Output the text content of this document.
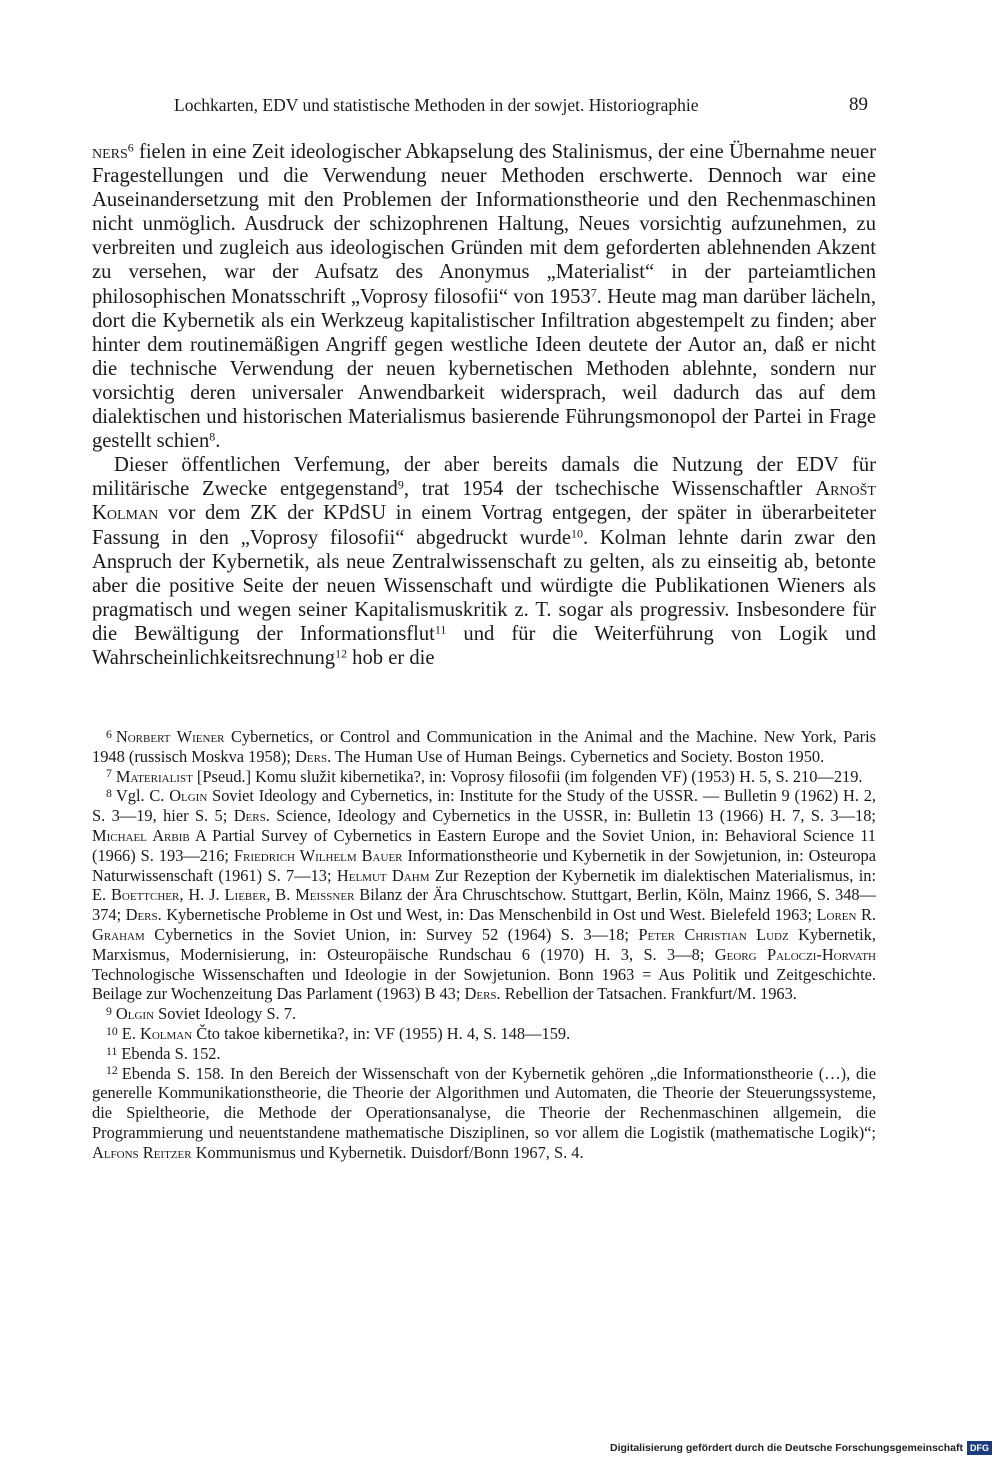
Lochkarten, EDV und statistische Methoden in der sowjet. Historiographie	89

ners$^6$ fielen in eine Zeit ideologischer Abkapselung des Stalinismus, der eine Übernahme neuer Fragestellungen und die Verwendung neuer Methoden erschwerte. Dennoch war eine Auseinandersetzung mit den Problemen der Informationstheorie und den Rechenmaschinen nicht unmöglich. Ausdruck der schizophrenen Haltung, Neues vorsichtig aufzunehmen, zu verbreiten und zugleich aus ideologischen Gründen mit dem geforderten ablehnenden Akzent zu versehen, war der Aufsatz des Anonymus „Materialist“ in der parteiamtlichen philosophischen Monatsschrift „Voprosy filosofii“ von 1953$^7$. Heute mag man darüber lächeln, dort die Kybernetik als ein Werkzeug kapitalistischer Infiltration abgestempelt zu finden; aber hinter dem routinemäßigen Angriff gegen westliche Ideen deutete der Autor an, daß er nicht die technische Verwendung der neuen kybernetischen Methoden ablehnte, sondern nur vorsichtig deren universaler Anwendbarkeit widersprach, weil dadurch das auf dem dialektischen und historischen Materialismus basierende Führungsmonopol der Partei in Frage gestellt schien$^8$.

Dieser öffentlichen Verfemung, der aber bereits damals die Nutzung der EDV für militärische Zwecke entgegenstand$^9$, trat 1954 der tschechische Wissenschaftler Arnošt Kolman vor dem ZK der KPdSU in einem Vortrag entgegen, der später in überarbeiteter Fassung in den „Voprosy filosofii“ abgedruckt wurde$^{10}$. Kolman lehnte darin zwar den Anspruch der Kybernetik, als neue Zentralwissenschaft zu gelten, als zu einseitig ab, betonte aber die positive Seite der neuen Wissenschaft und würdigte die Publikationen Wieners als pragmatisch und wegen seiner Kapitalismuskritik z. T. sogar als progressiv. Insbesondere für die Bewältigung der Informationsflut$^{11}$ und für die Weiterführung von Logik und Wahrscheinlichkeitsrechnung$^{12}$ hob er die

$^6$ Norbert Wiener Cybernetics, or Control and Communication in the Animal and the Machine. New York, Paris 1948 (russisch Moskva 1958); Ders. The Human Use of Human Beings. Cybernetics and Society. Boston 1950.

$^7$ Materialist [Pseud.] Komu služit kibernetika?, in: Voprosy filosofii (im folgenden VF) (1953) H. 5, S. 210—219.

$^8$ Vgl. C. Olgin Soviet Ideology and Cybernetics, in: Institute for the Study of the USSR. — Bulletin 9 (1962) H. 2, S. 3—19, hier S. 5; Ders. Science, Ideology and Cybernetics in the USSR, in: Bulletin 13 (1966) H. 7, S. 3—18; Michael Arbib A Partial Survey of Cybernetics in Eastern Europe and the Soviet Union, in: Behavioral Science 11 (1966) S. 193—216; Friedrich Wilhelm Bauer Informationstheorie und Kybernetik in der Sowjetunion, in: Osteuropa Naturwissenschaft (1961) S. 7—13; Helmut Dahm Zur Rezeption der Kybernetik im dialektischen Materialismus, in: E. Boettcher, H. J. Lieber, B. Meissner Bilanz der Ära Chruschtschow. Stuttgart, Berlin, Köln, Mainz 1966, S. 348—374; Ders. Kybernetische Probleme in Ost und West, in: Das Menschenbild in Ost und West. Bielefeld 1963; Loren R. Graham Cybernetics in the Soviet Union, in: Survey 52 (1964) S. 3—18; Peter Christian Ludz Kybernetik, Marxismus, Modernisierung, in: Osteuropäische Rundschau 6 (1970) H. 3, S. 3—8; Georg Paloczi-Horvath Technologische Wissenschaften und Ideologie in der Sowjetunion. Bonn 1963 = Aus Politik und Zeitgeschichte. Beilage zur Wochenzeitung Das Parlament (1963) B 43; Ders. Rebellion der Tatsachen. Frankfurt/M. 1963.

$^9$ Olgin Soviet Ideology S. 7.

$^{10}$ E. Kolman Čto takoe kibernetika?, in: VF (1955) H. 4, S. 148—159.

$^{11}$ Ebenda S. 152.

$^{12}$ Ebenda S. 158. In den Bereich der Wissenschaft von der Kybernetik gehören „die Informationstheorie (…), die generelle Kommunikationstheorie, die Theorie der Algorithmen und Automaten, die Theorie der Steuerungssysteme, die Spieltheorie, die Methode der Operationsanalyse, die Theorie der Rechenmaschinen allgemein, die Programmierung und neuentstandene mathematische Disziplinen, so vor allem die Logistik (mathematische Logik)“; Alfons Reitzer Kommunismus und Kybernetik. Duisdorf/Bonn 1967, S. 4.

Digitalisierung gefördert durch die Deutsche Forschungsgemeinschaft DFG
